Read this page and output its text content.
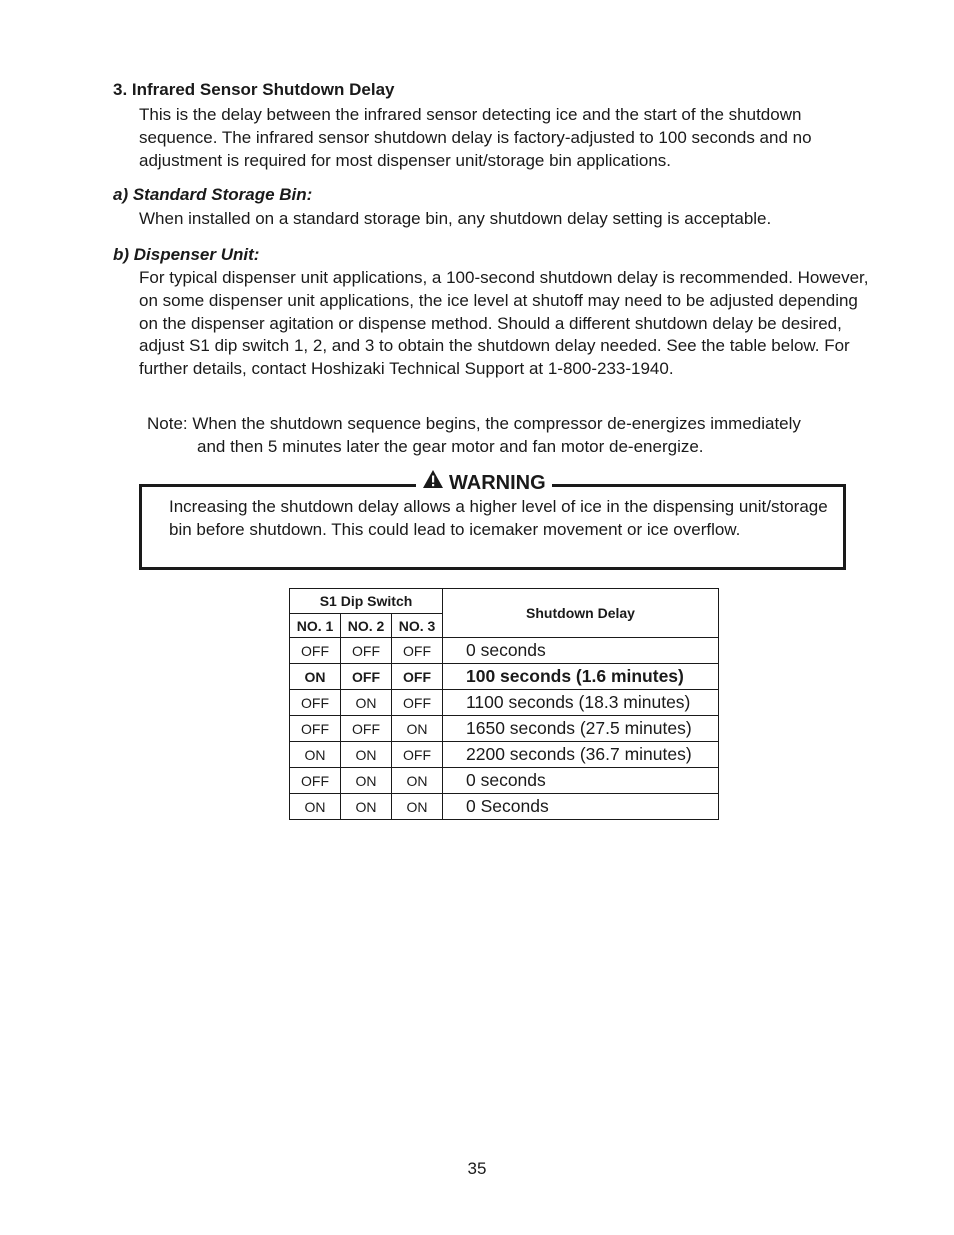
3. Infrared Sensor Shutdown Delay

This is the delay between the infrared sensor detecting ice and the start of the shutdown sequence. The infrared sensor shutdown delay is factory-adjusted to 100 seconds and no adjustment is required for most dispenser unit/storage bin applications.

a) Standard Storage Bin:

When installed on a standard storage bin, any shutdown delay setting is acceptable.

b) Dispenser Unit:

For typical dispenser unit applications, a 100-second shutdown delay is recommended. However, on some dispenser unit applications, the ice level at shutoff may need to be adjusted depending on the dispenser agitation or dispense method. Should a different shutdown delay be desired, adjust S1 dip switch 1, 2, and 3 to obtain the shutdown delay needed. See the table below. For further details, contact Hoshizaki Technical Support at 1-800-233-1940.

Note: When the shutdown sequence begins, the compressor de-energizes immediately

and then 5 minutes later the gear motor and fan motor de-energize.

WARNING

Increasing the shutdown delay allows a higher level of ice in the dispensing unit/storage bin before shutdown. This could lead to icemaker movement or ice overflow.

S1 Dip Switch			Shutdown Delay
NO. 1	NO. 2	NO. 3	
OFF	OFF	OFF	0 seconds
ON	OFF	OFF	100 seconds (1.6 minutes)
OFF	ON	OFF	1100 seconds (18.3 minutes)
OFF	OFF	ON	1650 seconds (27.5 minutes)
ON	ON	OFF	2200 seconds (36.7 minutes)
OFF	ON	ON	0 seconds
ON	ON	ON	0 Seconds

35
